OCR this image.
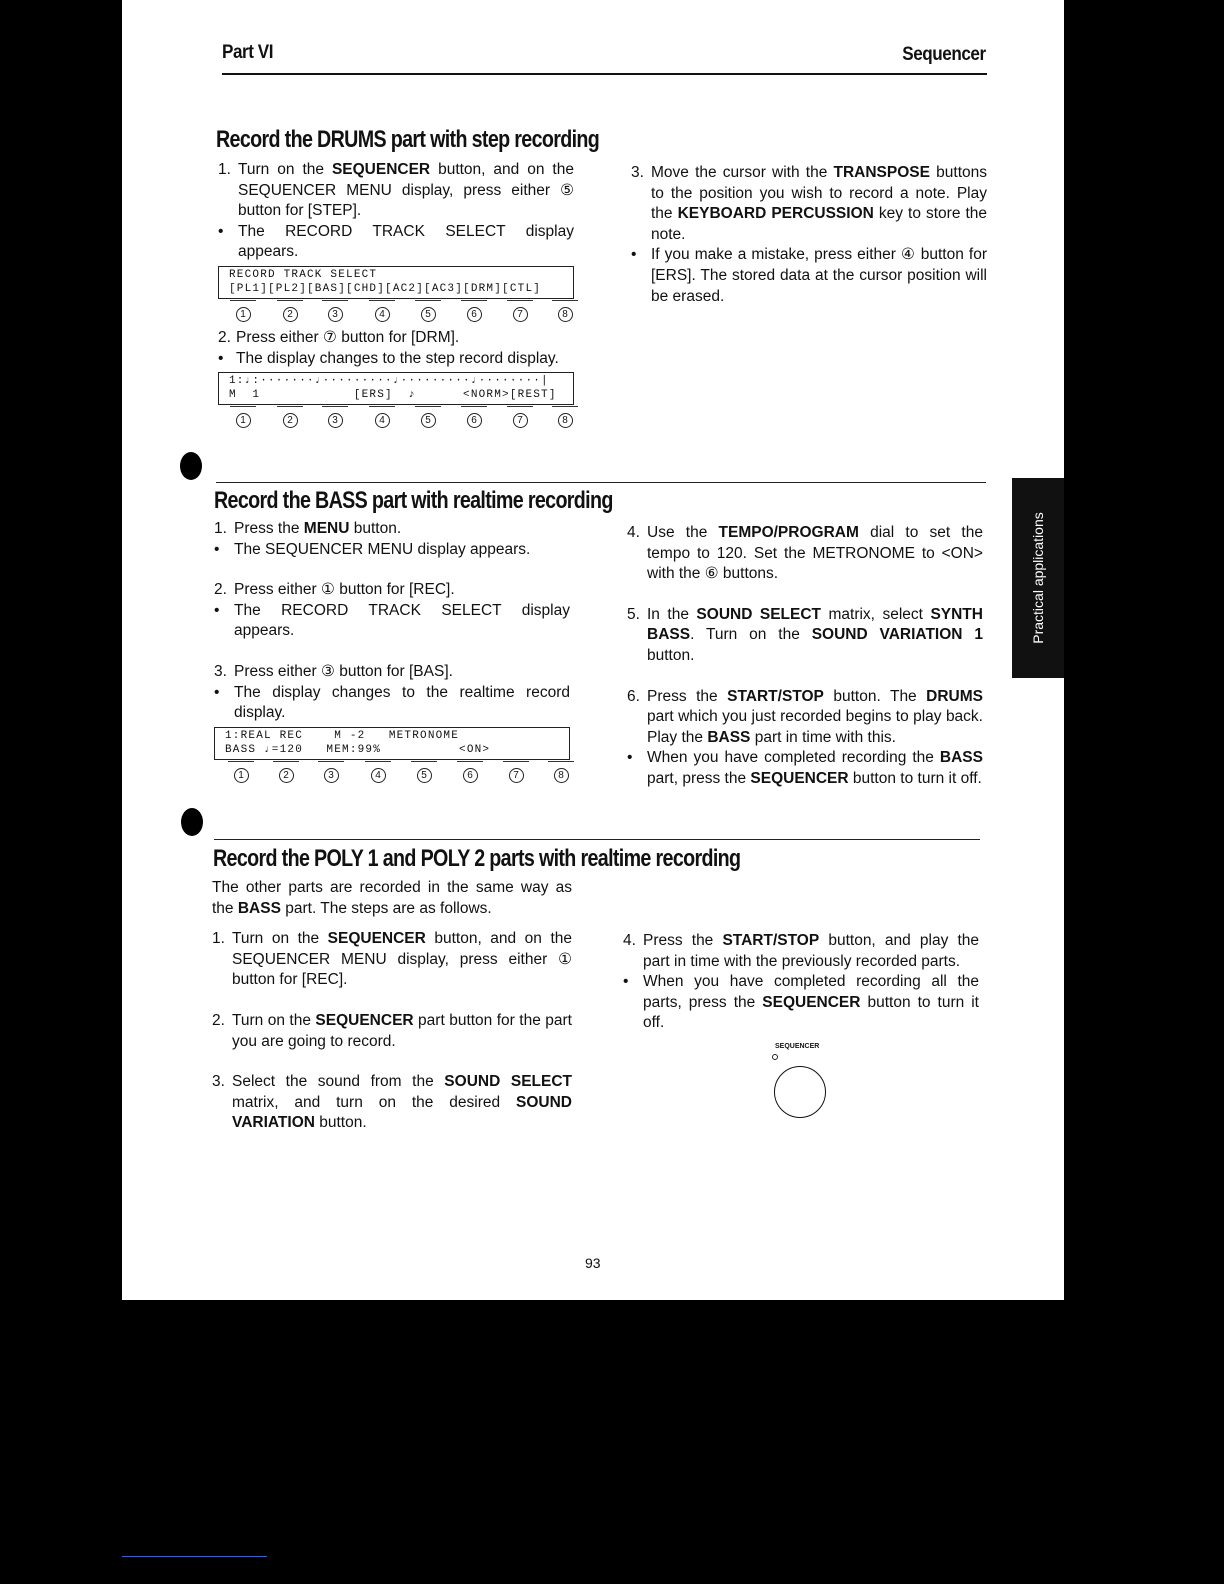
Part VI	Sequencer
Practical applications
Record the DRUMS part with step recording

1. Turn on the SEQUENCER button, and on the SEQUENCER MENU display, press either ⑤ button for [STEP].

• The RECORD TRACK SELECT display appears.

RECORD TRACK SELECT
[PL1][PL2][BAS][CHD][AC2][AC3][DRM][CTL]
1	2	3	4	5	6	7	8

2. Press either ⑦ button for [DRM].

• The display changes to the step record display.

1:♩:·······♩·········♩·········♩········|
M  1            [ERS]  ♪      <NORM>[REST]
1	2	3	4	5	6	7	8

3. Move the cursor with the TRANSPOSE buttons to the position you wish to record a note. Play the KEYBOARD PERCUSSION key to store the note.

• If you make a mistake, press either ④ button for [ERS]. The stored data at the cursor position will be erased.

Record the BASS part with realtime recording

1. Press the MENU button.

• The SEQUENCER MENU display appears.

2. Press either ① button for [REC].

• The RECORD TRACK SELECT display appears.

3. Press either ③ button for [BAS].

• The display changes to the realtime record display.

1:REAL REC    M -2   METRONOME
BASS ♩=120   MEM:99%          <ON>
1	2	3	4	5	6	7	8

4. Use the TEMPO/PROGRAM dial to set the tempo to 120. Set the METRONOME to <ON> with the ⑥ buttons.

5. In the SOUND SELECT matrix, select SYNTH BASS. Turn on the SOUND VARIATION 1 button.

6. Press the START/STOP button. The DRUMS part which you just recorded begins to play back. Play the BASS part in time with this.

• When you have completed recording the BASS part, press the SEQUENCER button to turn it off.

Record the POLY 1 and POLY 2 parts with realtime recording

The other parts are recorded in the same way as the BASS part. The steps are as follows.

1. Turn on the SEQUENCER button, and on the SEQUENCER MENU display, press either ① button for [REC].

2. Turn on the SEQUENCER part button for the part you are going to record.

3. Select the sound from the SOUND SELECT matrix, and turn on the desired SOUND VARIATION button.

4. Press the START/STOP button, and play the part in time with the previously recorded parts.

• When you have completed recording all the parts, press the SEQUENCER button to turn it off.

SEQUENCER
93
